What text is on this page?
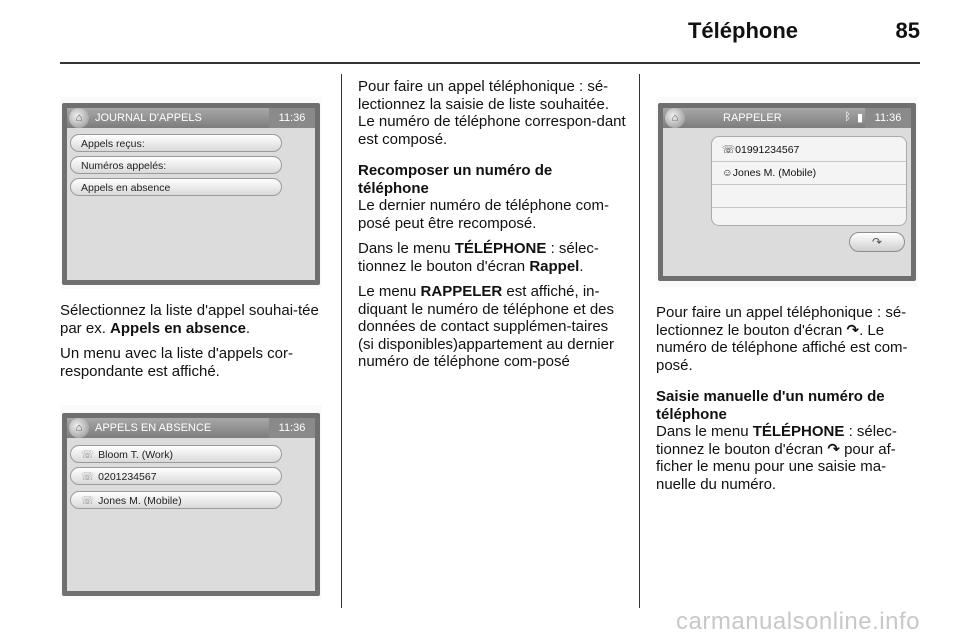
Téléphone	85
⌂	JOURNAL D'APPELS	11:36
Appels reçus:
Numéros appelés:
Appels en absence

Sélectionnez la liste d'appel souhai-tée par ex. Appels en absence.

Un menu avec la liste d'appels cor-respondante est affiché.

⌂	APPELS EN ABSENCE	11:36
☏ Bloom T. (Work)
☏ 0201234567
☏ Jones M. (Mobile)

Pour faire un appel téléphonique : sé-lectionnez la saisie de liste souhaitée. Le numéro de téléphone correspon-dant est composé.

Recomposer un numéro de téléphone

Le dernier numéro de téléphone com-posé peut être recomposé.

Dans le menu TÉLÉPHONE : sélec-tionnez le bouton d'écran Rappel.

Le menu RAPPELER est affiché, in-diquant le numéro de téléphone et des données de contact supplémen-taires (si disponibles)appartement au dernier numéro de téléphone com-posé

⌂	RAPPELER	ᛒ ▮	11:36
☏01991234567
☺Jones M. (Mobile)
↷

Pour faire un appel téléphonique : sé-lectionnez le bouton d'écran ↷. Le numéro de téléphone affiché est com-posé.

Saisie manuelle d'un numéro de téléphone

Dans le menu TÉLÉPHONE : sélec-tionnez le bouton d'écran ↷ pour af-ficher le menu pour une saisie ma-nuelle du numéro.

carmanualsonline.info
